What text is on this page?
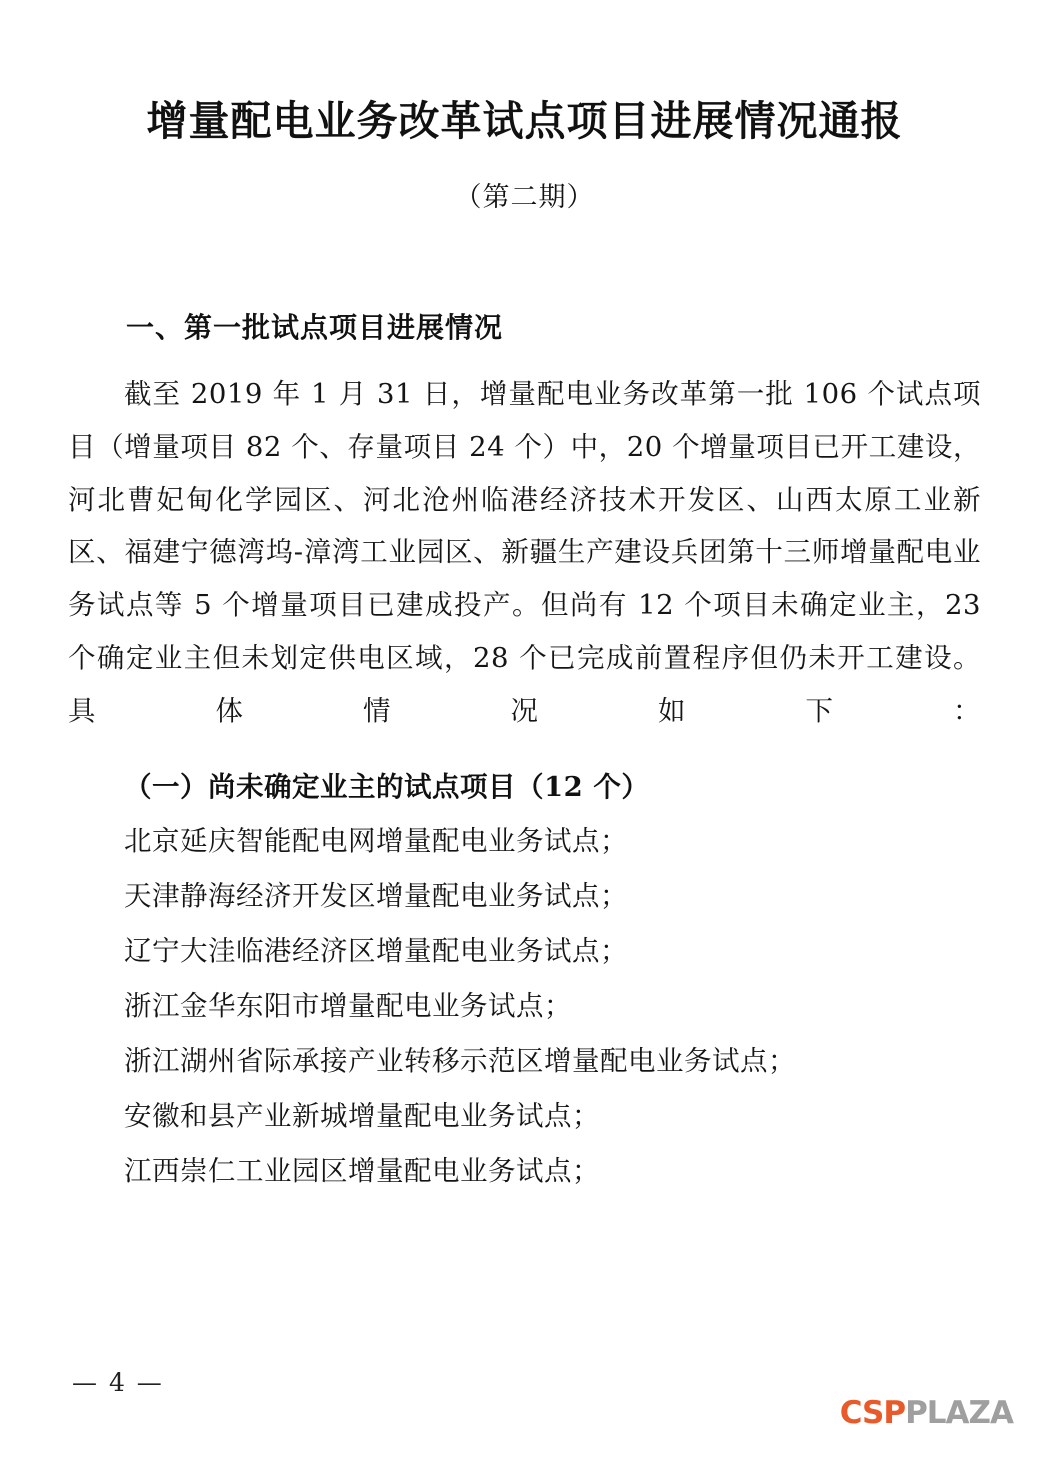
增量配电业务改革试点项目进展情况通报
（第二期）
一、第一批试点项目进展情况

截至 2019 年 1 月 31 日，增量配电业务改革第一批 106 个试点项目（增量项目 82 个、存量项目 24 个）中，20 个增量项目已开工建设，河北曹妃甸化学园区、河北沧州临港经济技术开发区、山西太原工业新区、福建宁德湾坞-漳湾工业园区、新疆生产建设兵团第十三师增量配电业务试点等 5 个增量项目已建成投产。但尚有 12 个项目未确定业主，23 个确定业主但未划定供电区域，28 个已完成前置程序但仍未开工建设。具体情况如下：

（一）尚未确定业主的试点项目（12 个）
北京延庆智能配电网增量配电业务试点；
天津静海经济开发区增量配电业务试点；
辽宁大洼临港经济区增量配电业务试点；
浙江金华东阳市增量配电业务试点；
浙江湖州省际承接产业转移示范区增量配电业务试点；
安徽和县产业新城增量配电业务试点；
江西崇仁工业园区增量配电业务试点；
— 4 —
CSP PLAZA
